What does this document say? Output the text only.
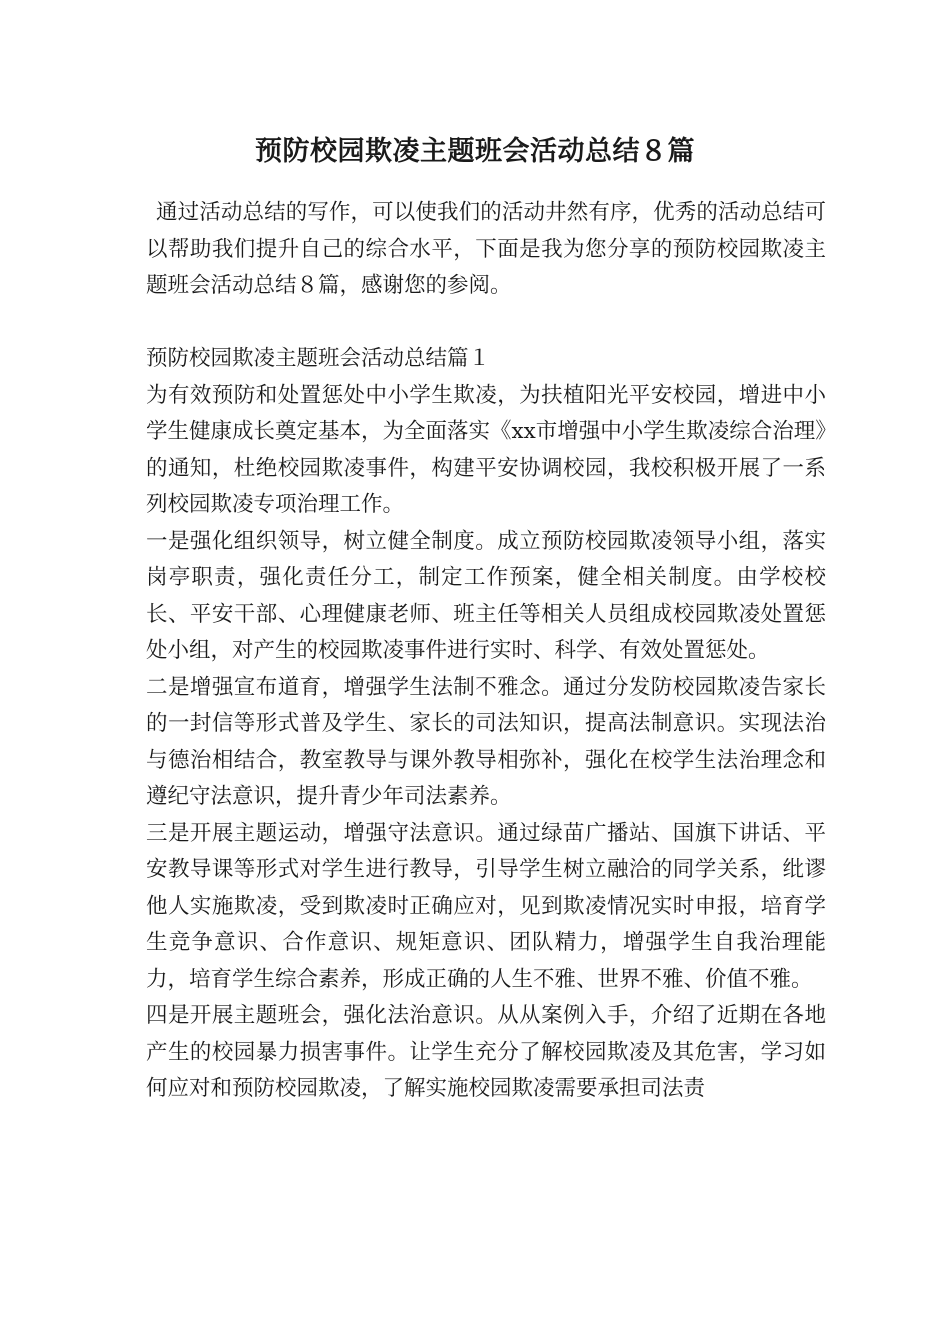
预防校园欺凌主题班会活动总结８篇

通过活动总结的写作，可以使我们的活动井然有序，优秀的活动总结可以帮助我们提升自己的综合水平，下面是我为您分享的预防校园欺凌主题班会活动总结８篇，感谢您的参阅。

预防校园欺凌主题班会活动总结篇１

为有效预防和处置惩处中小学生欺凌，为扶植阳光平安校园，增进中小学生健康成长奠定基本，为全面落实《xx市增强中小学生欺凌综合治理》的通知，杜绝校园欺凌事件，构建平安协调校园，我校积极开展了一系列校园欺凌专项治理工作。

一是强化组织领导，树立健全制度。成立预防校园欺凌领导小组，落实岗亭职责，强化责任分工，制定工作预案，健全相关制度。由学校校长、平安干部、心理健康老师、班主任等相关人员组成校园欺凌处置惩处小组，对产生的校园欺凌事件进行实时、科学、有效处置惩处。

二是增强宣布道育，增强学生法制不雅念。通过分发防校园欺凌告家长的一封信等形式普及学生、家长的司法知识，提高法制意识。实现法治与德治相结合，教室教导与课外教导相弥补，强化在校学生法治理念和遵纪守法意识，提升青少年司法素养。

三是开展主题运动，增强守法意识。通过绿苗广播站、国旗下讲话、平安教导课等形式对学生进行教导，引导学生树立融洽的同学关系，纰谬他人实施欺凌，受到欺凌时正确应对，见到欺凌情况实时申报，培育学生竞争意识、合作意识、规矩意识、团队精力，增强学生自我治理能力，培育学生综合素养，形成正确的人生不雅、世界不雅、价值不雅。

四是开展主题班会，强化法治意识。从从案例入手，介绍了近期在各地产生的校园暴力损害事件。让学生充分了解校园欺凌及其危害，学习如何应对和预防校园欺凌，了解实施校园欺凌需要承担司法责
